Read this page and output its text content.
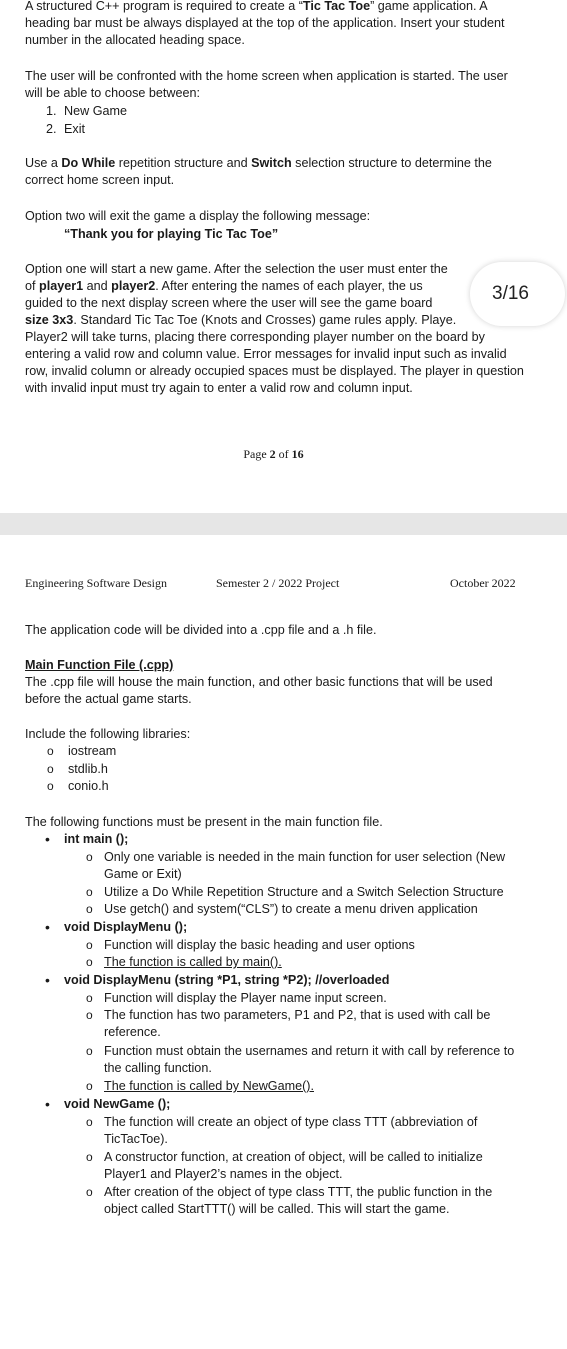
A structured C++ program is required to create a “Tic Tac Toe” game application. A heading bar must be always displayed at the top of the application. Insert your student number in the allocated heading space.

The user will be confronted with the home screen when application is started. The user will be able to choose between:

1. New Game
2. Exit

Use a Do While repetition structure and Switch selection structure to determine the correct home screen input.

Option two will exit the game a display the following message:

“Thank you for playing Tic Tac Toe”

Option one will start a new game. After the selection the user must enter the
of player1 and player2. After entering the names of each player, the us
guided to the next display screen where the user will see the game board
size 3x3. Standard Tic Tac Toe (Knots and Crosses) game rules apply. Playe.
Player2 will take turns, placing there corresponding player number on the board by entering a valid row and column value. Error messages for invalid input such as invalid row, invalid column or already occupied spaces must be displayed. The player in question with invalid input must try again to enter a valid row and column input.
Page 2 of 16
3/16
Engineering Software Design	Semester 2 / 2022 Project	October 2022

The application code will be divided into a .cpp file and a .h file.

Main Function File (.cpp)

The .cpp file will house the main function, and other basic functions that will be used before the actual game starts.

Include the following libraries:

o iostream
o stdlib.h
o conio.h

The following functions must be present in the main function file.

• int main ();
o Only one variable is needed in the main function for user selection (New Game or Exit)

o Utilize a Do While Repetition Structure and a Switch Selection Structure

o Use getch() and system(“CLS”) to create a menu driven application

• void DisplayMenu ();
o Function will display the basic heading and user options

o The function is called by main().

• void DisplayMenu (string *P1, string *P2); //overloaded
o Function will display the Player name input screen.

o The function has two parameters, P1 and P2, that is used with call be reference.

o Function must obtain the usernames and return it with call by reference to the calling function.

o The function is called by NewGame().

• void NewGame ();
o The function will create an object of type class TTT (abbreviation of TicTacToe).

o A constructor function, at creation of object, will be called to initialize Player1 and Player2’s names in the object.

o After creation of the object of type class TTT, the public function in the object called StartTTT() will be called. This will start the game.
